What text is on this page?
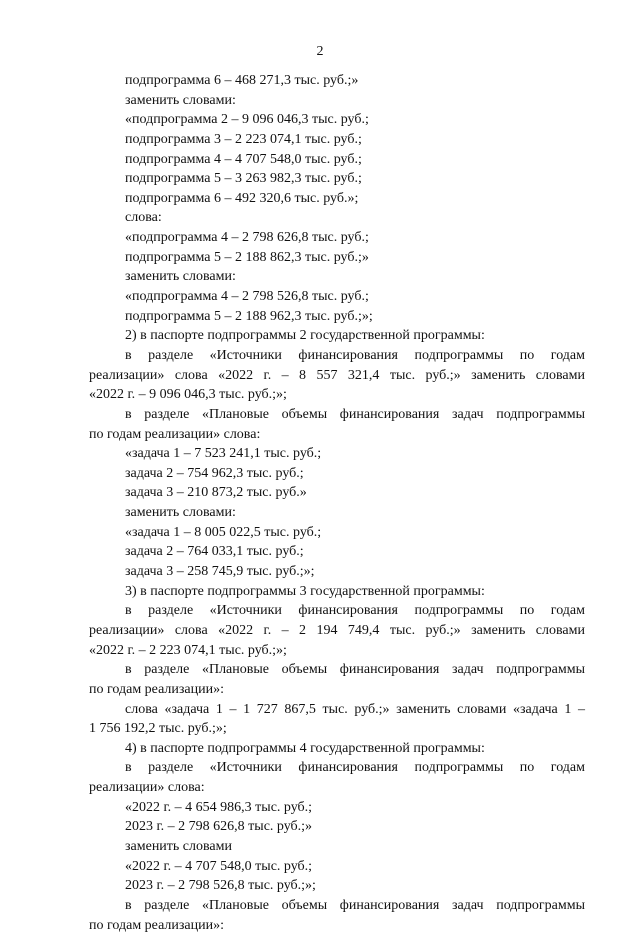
2
подпрограмма 6 – 468 271,3 тыс. руб.;»
заменить словами:
«подпрограмма 2 – 9 096 046,3 тыс. руб.;
подпрограмма 3 – 2 223 074,1 тыс. руб.;
подпрограмма 4 – 4 707 548,0 тыс. руб.;
подпрограмма 5 – 3 263 982,3 тыс. руб.;
подпрограмма 6 – 492 320,6 тыс. руб.»;
слова:
«подпрограмма 4 – 2 798 626,8 тыс. руб.;
подпрограмма 5 – 2 188 862,3 тыс. руб.;»
заменить словами:
«подпрограмма 4 – 2 798 526,8 тыс. руб.;
подпрограмма 5 – 2 188 962,3 тыс. руб.;»;
2) в паспорте подпрограммы 2 государственной программы:
в разделе «Источники финансирования подпрограммы по годам
реализации» слова «2022 г. – 8 557 321,4 тыс. руб.;» заменить словами
«2022 г. – 9 096 046,3 тыс. руб.;»;
в разделе «Плановые объемы финансирования задач подпрограммы
по годам реализации» слова:
«задача 1 – 7 523 241,1 тыс. руб.;
задача 2 – 754 962,3 тыс. руб.;
задача 3 – 210 873,2 тыс. руб.»
заменить словами:
«задача 1 – 8 005 022,5 тыс. руб.;
задача 2 – 764 033,1 тыс. руб.;
задача 3 – 258 745,9 тыс. руб.;»;
3) в паспорте подпрограммы 3 государственной программы:
в разделе «Источники финансирования подпрограммы по годам
реализации» слова «2022 г. – 2 194 749,4 тыс. руб.;» заменить словами
«2022 г. – 2 223 074,1 тыс. руб.;»;
в разделе «Плановые объемы финансирования задач подпрограммы
по годам реализации»:
слова «задача 1 – 1 727 867,5 тыс. руб.;» заменить словами «задача 1 –
1 756 192,2 тыс. руб.;»;
4) в паспорте подпрограммы 4 государственной программы:
в разделе «Источники финансирования подпрограммы по годам
реализации» слова:
«2022 г. – 4 654 986,3 тыс. руб.;
2023 г. – 2 798 626,8 тыс. руб.;»
заменить словами
«2022 г. – 4 707 548,0 тыс. руб.;
2023 г. – 2 798 526,8 тыс. руб.;»;
в разделе «Плановые объемы финансирования задач подпрограммы
по годам реализации»:
